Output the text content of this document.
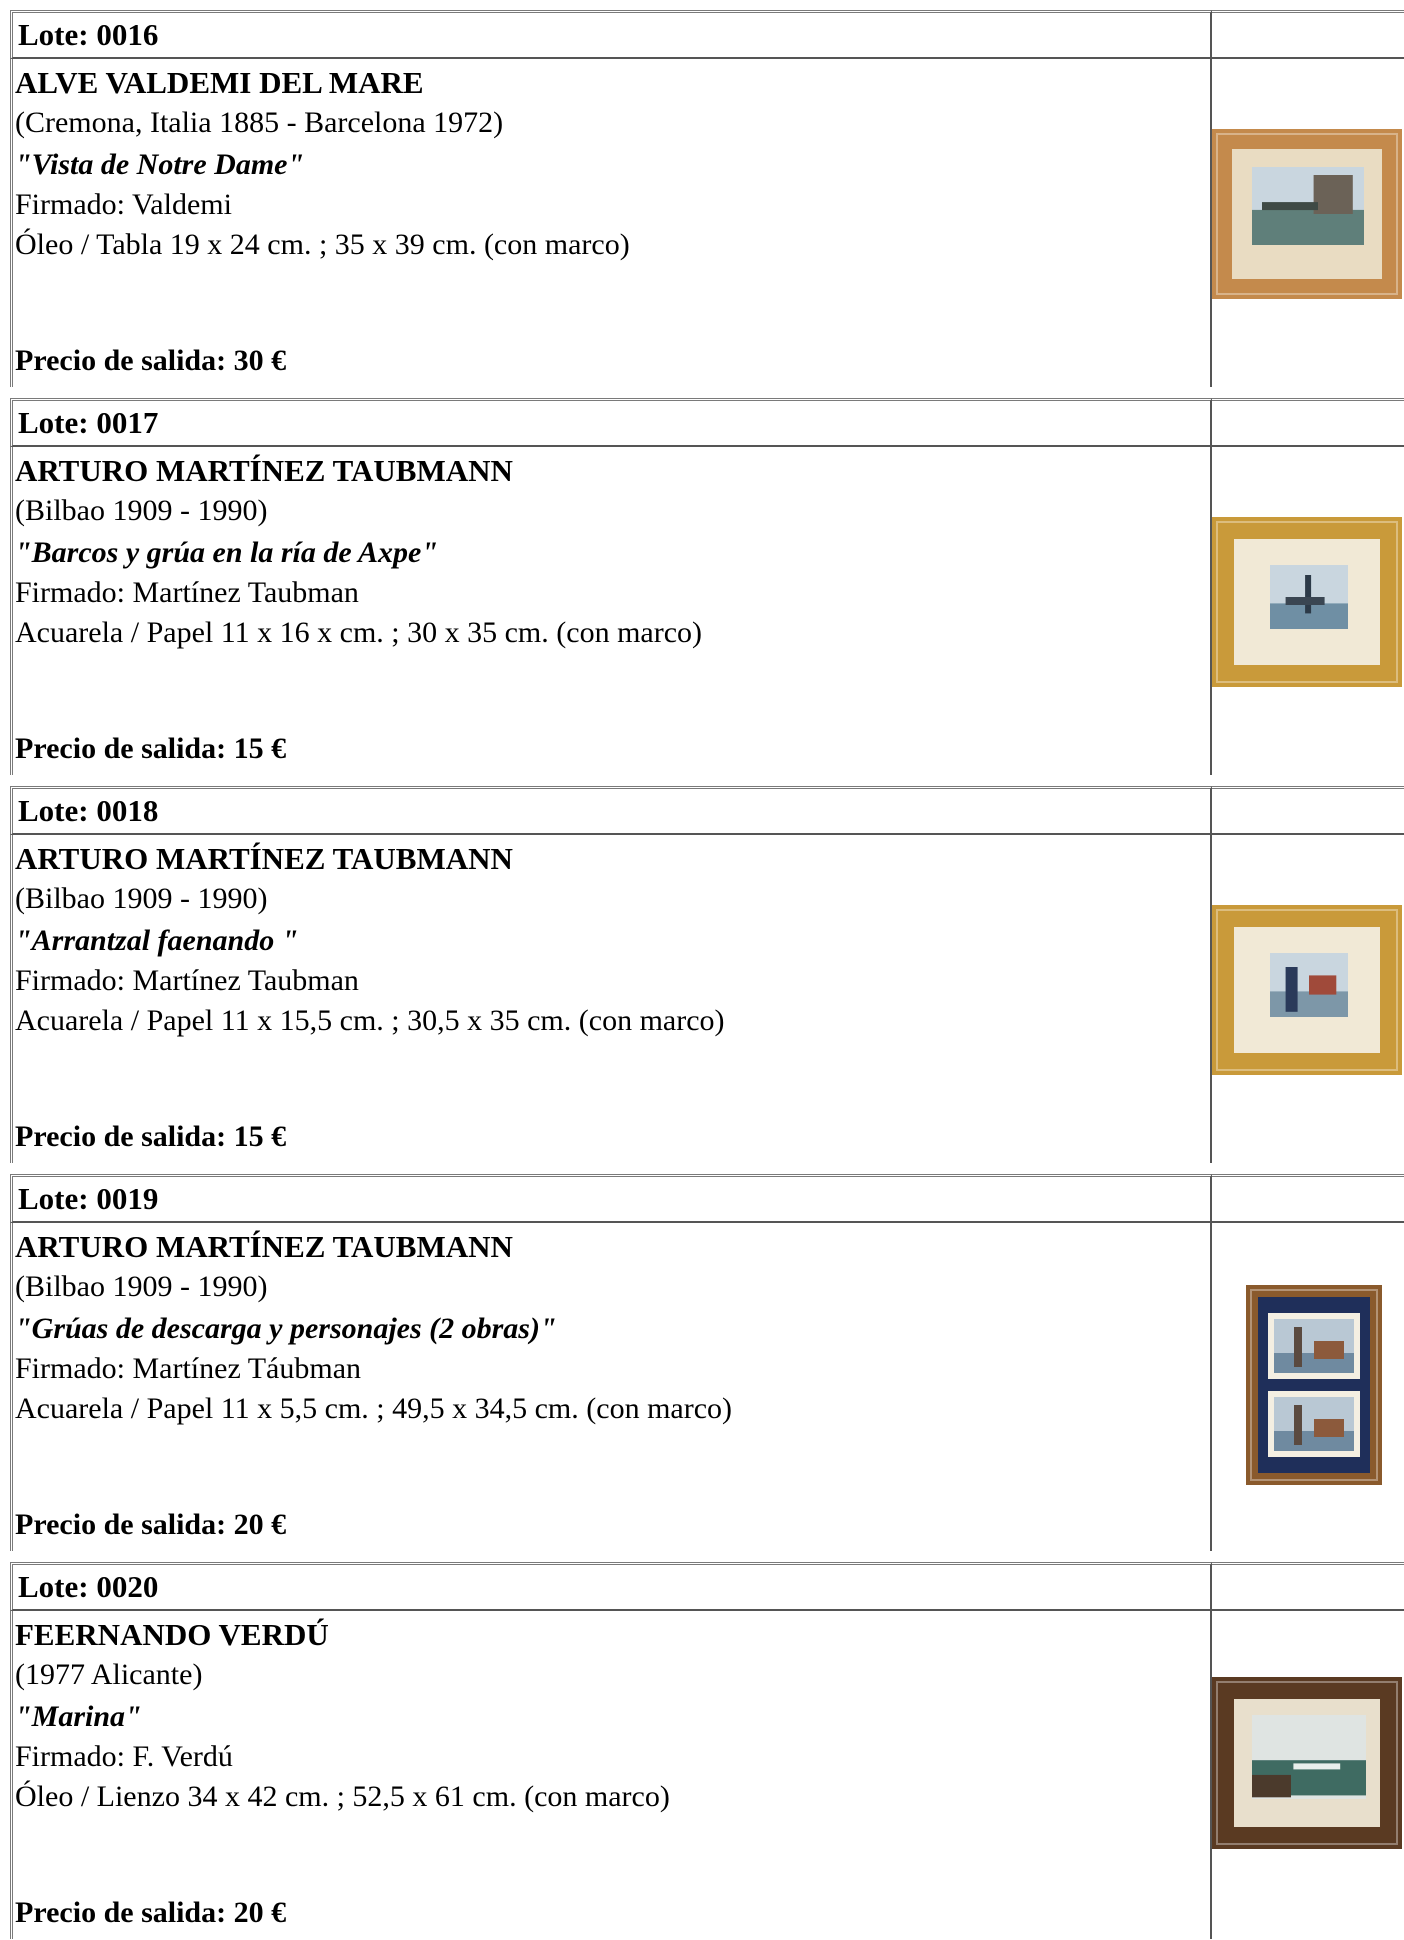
Lote: 0016
ALVE VALDEMI DEL MARE
(Cremona, Italia 1885 - Barcelona 1972)
"Vista de Notre Dame"
Firmado: Valdemi
Óleo / Tabla 19 x 24 cm. ; 35 x 39 cm. (con marco)
Precio de salida: 30 €
Lote: 0017
ARTURO MARTÍNEZ TAUBMANN
(Bilbao 1909 - 1990)
"Barcos y grúa en la ría de Axpe"
Firmado: Martínez Taubman
Acuarela / Papel 11 x 16 x cm. ; 30 x 35 cm. (con marco)
Precio de salida: 15 €
Lote: 0018
ARTURO MARTÍNEZ TAUBMANN
(Bilbao 1909 - 1990)
"Arrantzal faenando "
Firmado: Martínez Taubman
Acuarela / Papel 11 x 15,5 cm. ; 30,5 x 35 cm. (con marco)
Precio de salida: 15 €
Lote: 0019
ARTURO MARTÍNEZ TAUBMANN
(Bilbao 1909 - 1990)
"Grúas de descarga y personajes (2 obras)"
Firmado: Martínez Táubman
Acuarela / Papel 11 x 5,5 cm. ; 49,5 x 34,5 cm. (con marco)
Precio de salida: 20 €
Lote: 0020
FEERNANDO VERDÚ
(1977 Alicante)
"Marina"
Firmado: F. Verdú
Óleo / Lienzo 34 x 42 cm. ; 52,5 x 61 cm. (con marco)
Precio de salida: 20 €
